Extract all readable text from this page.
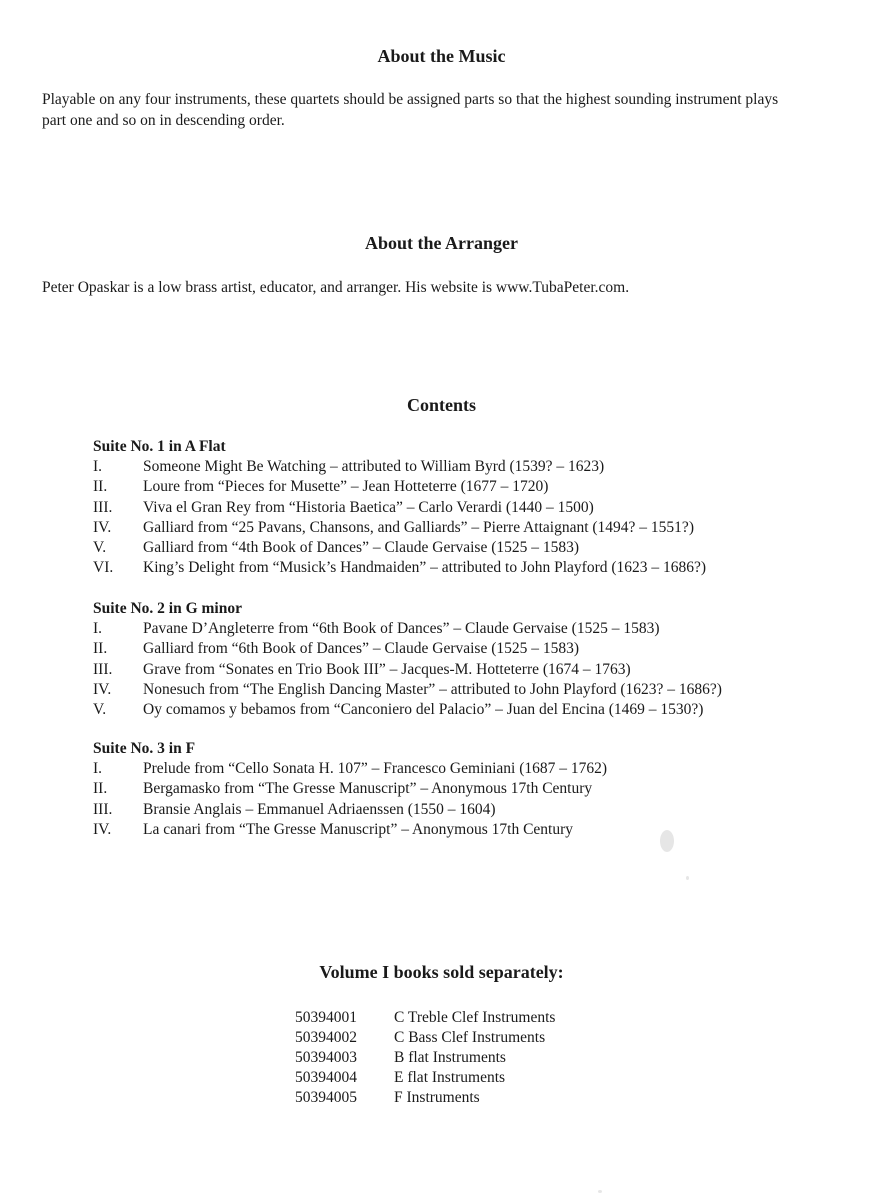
About the Music
Playable on any four instruments, these quartets should be assigned parts so that the highest sounding instrument plays
part one and so on in descending order.
About the Arranger
Peter Opaskar is a low brass artist, educator, and arranger. His website is www.TubaPeter.com.
Contents
Suite No. 1 in A Flat
I.	Someone Might Be Watching – attributed to William Byrd (1539? – 1623)
II.	Loure from “Pieces for Musette” – Jean Hotteterre (1677 – 1720)
III.	Viva el Gran Rey from “Historia Baetica” – Carlo Verardi (1440 – 1500)
IV.	Galliard from “25 Pavans, Chansons, and Galliards” – Pierre Attaignant (1494? – 1551?)
V.	Galliard from “4th Book of Dances” – Claude Gervaise (1525 – 1583)
VI.	King’s Delight from “Musick’s Handmaiden” – attributed to John Playford (1623 – 1686?)
Suite No. 2 in G minor
I.	Pavane D’Angleterre from “6th Book of Dances” – Claude Gervaise (1525 – 1583)
II.	Galliard from “6th Book of Dances” – Claude Gervaise (1525 – 1583)
III.	Grave from “Sonates en Trio Book III” – Jacques-M. Hotteterre (1674 – 1763)
IV.	Nonesuch from “The English Dancing Master” – attributed to John Playford (1623? – 1686?)
V.	Oy comamos y bebamos from “Canconiero del Palacio” – Juan del Encina (1469 – 1530?)
Suite No. 3 in F
I.	Prelude from “Cello Sonata H. 107” – Francesco Geminiani (1687 – 1762)
II.	Bergamasko from “The Gresse Manuscript” – Anonymous 17th Century
III.	Bransie Anglais – Emmanuel Adriaenssen (1550 – 1604)
IV.	La canari from “The Gresse Manuscript” – Anonymous 17th Century
Volume I books sold separately:
50394001	C Treble Clef Instruments
50394002	C Bass Clef Instruments
50394003	B flat Instruments
50394004	E flat Instruments
50394005	F Instruments
